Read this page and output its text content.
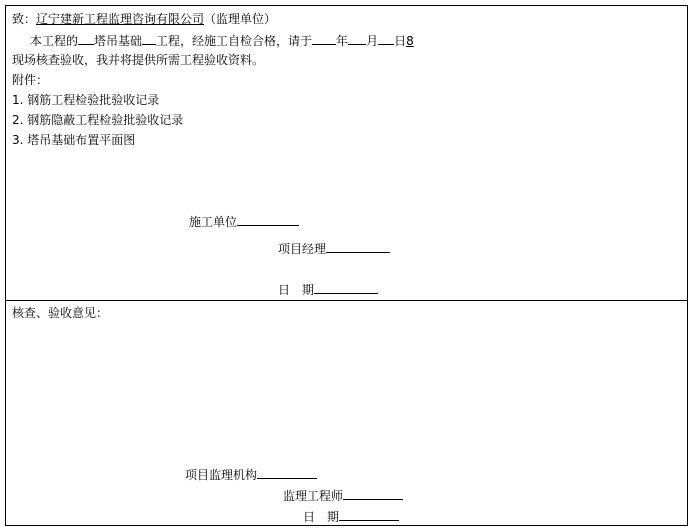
致：辽宁建新工程监理咨询有限公司（监理单位）
本工程的 塔吊基础 工程，经施工自检合格，请于 年 月 日8
现场核查验收，我并将提供所需工程验收资料。
附件：
1. 钢筋工程检验批验收记录
2. 钢筋隐蔽工程检验批验收记录
3. 塔吊基础布置平面图
施工单位
项目经理
日　期
核查、验收意见：
项目监理机构
监理工程师
日　期
